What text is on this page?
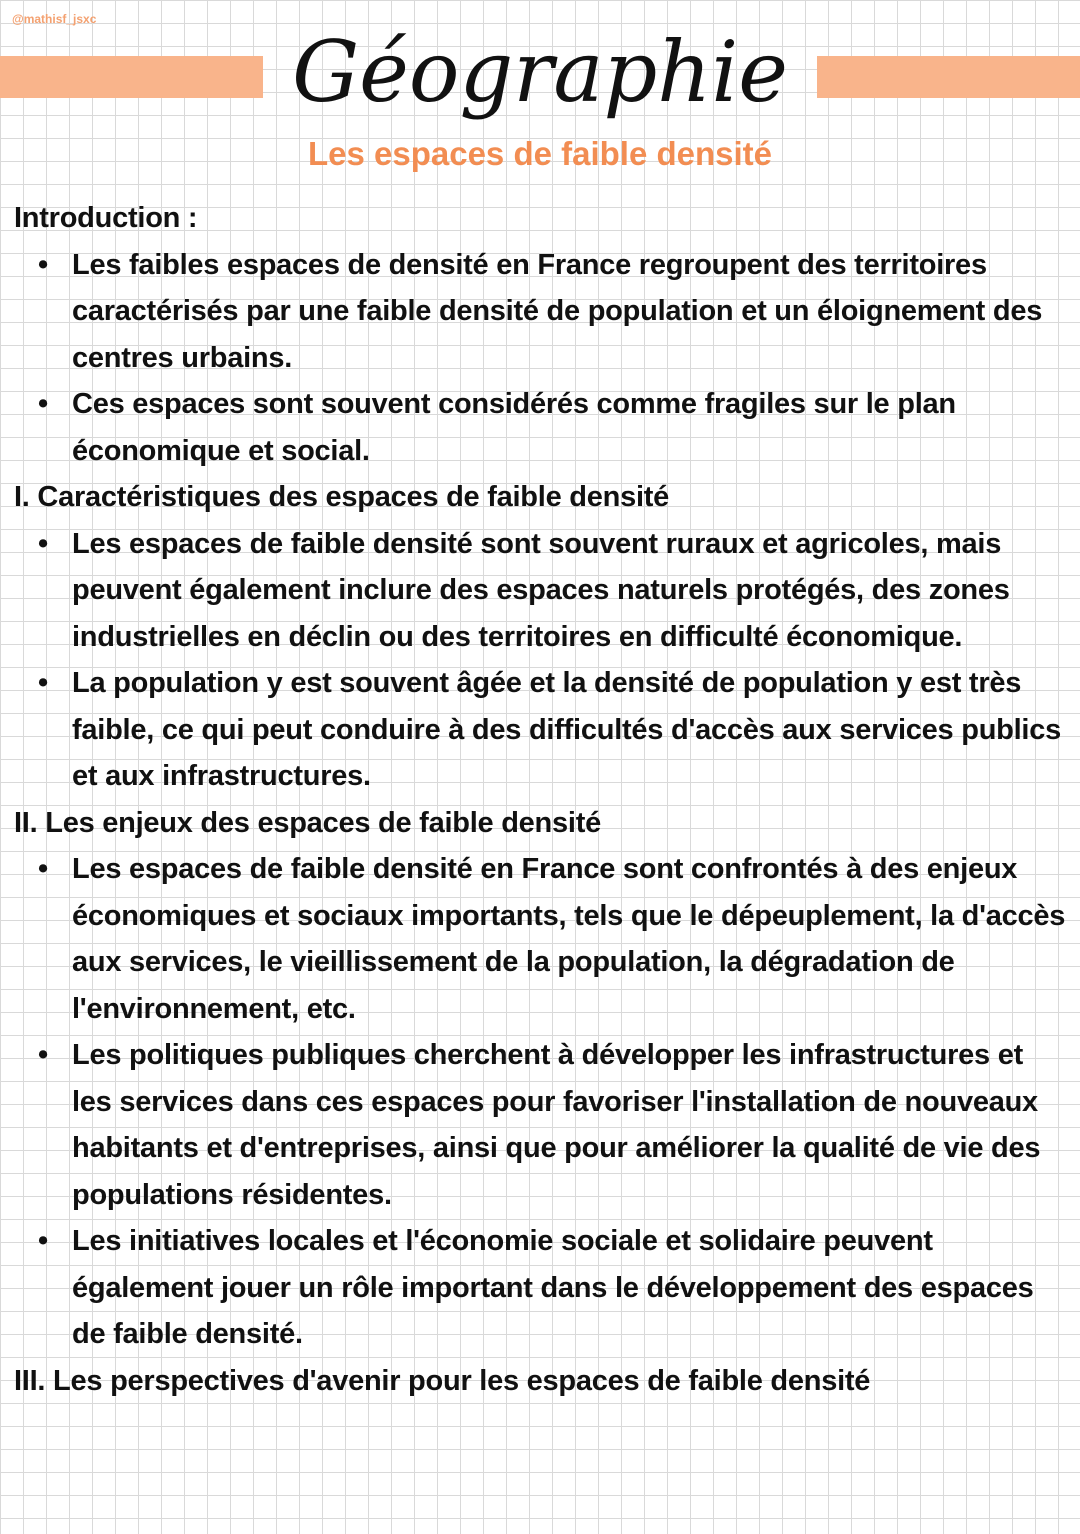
@mathisf_jsxc
Géographie
Les espaces de faible densité
Introduction :
• Les faibles espaces de densité en France regroupent des territoires caractérisés par une faible densité de population et un éloignement des centres urbains.
• Ces espaces sont souvent considérés comme fragiles sur le plan économique et social.
I. Caractéristiques des espaces de faible densité
• Les espaces de faible densité sont souvent ruraux et agricoles, mais peuvent également inclure des espaces naturels protégés, des zones industrielles en déclin ou des territoires en difficulté économique.
• La population y est souvent âgée et la densité de population y est très faible, ce qui peut conduire à des difficultés d'accès aux services publics et aux infrastructures.
II. Les enjeux des espaces de faible densité
• Les espaces de faible densité en France sont confrontés à des enjeux économiques et sociaux importants, tels que le dépeuplement, la d'accès aux services, le vieillissement de la population, la dégradation de l'environnement, etc.
• Les politiques publiques cherchent à développer les infrastructures et les services dans ces espaces pour favoriser l'installation de nouveaux habitants et d'entreprises, ainsi que pour améliorer la qualité de vie des populations résidentes.
• Les initiatives locales et l'économie sociale et solidaire peuvent également jouer un rôle important dans le développement des espaces de faible densité.
III. Les perspectives d'avenir pour les espaces de faible densité
